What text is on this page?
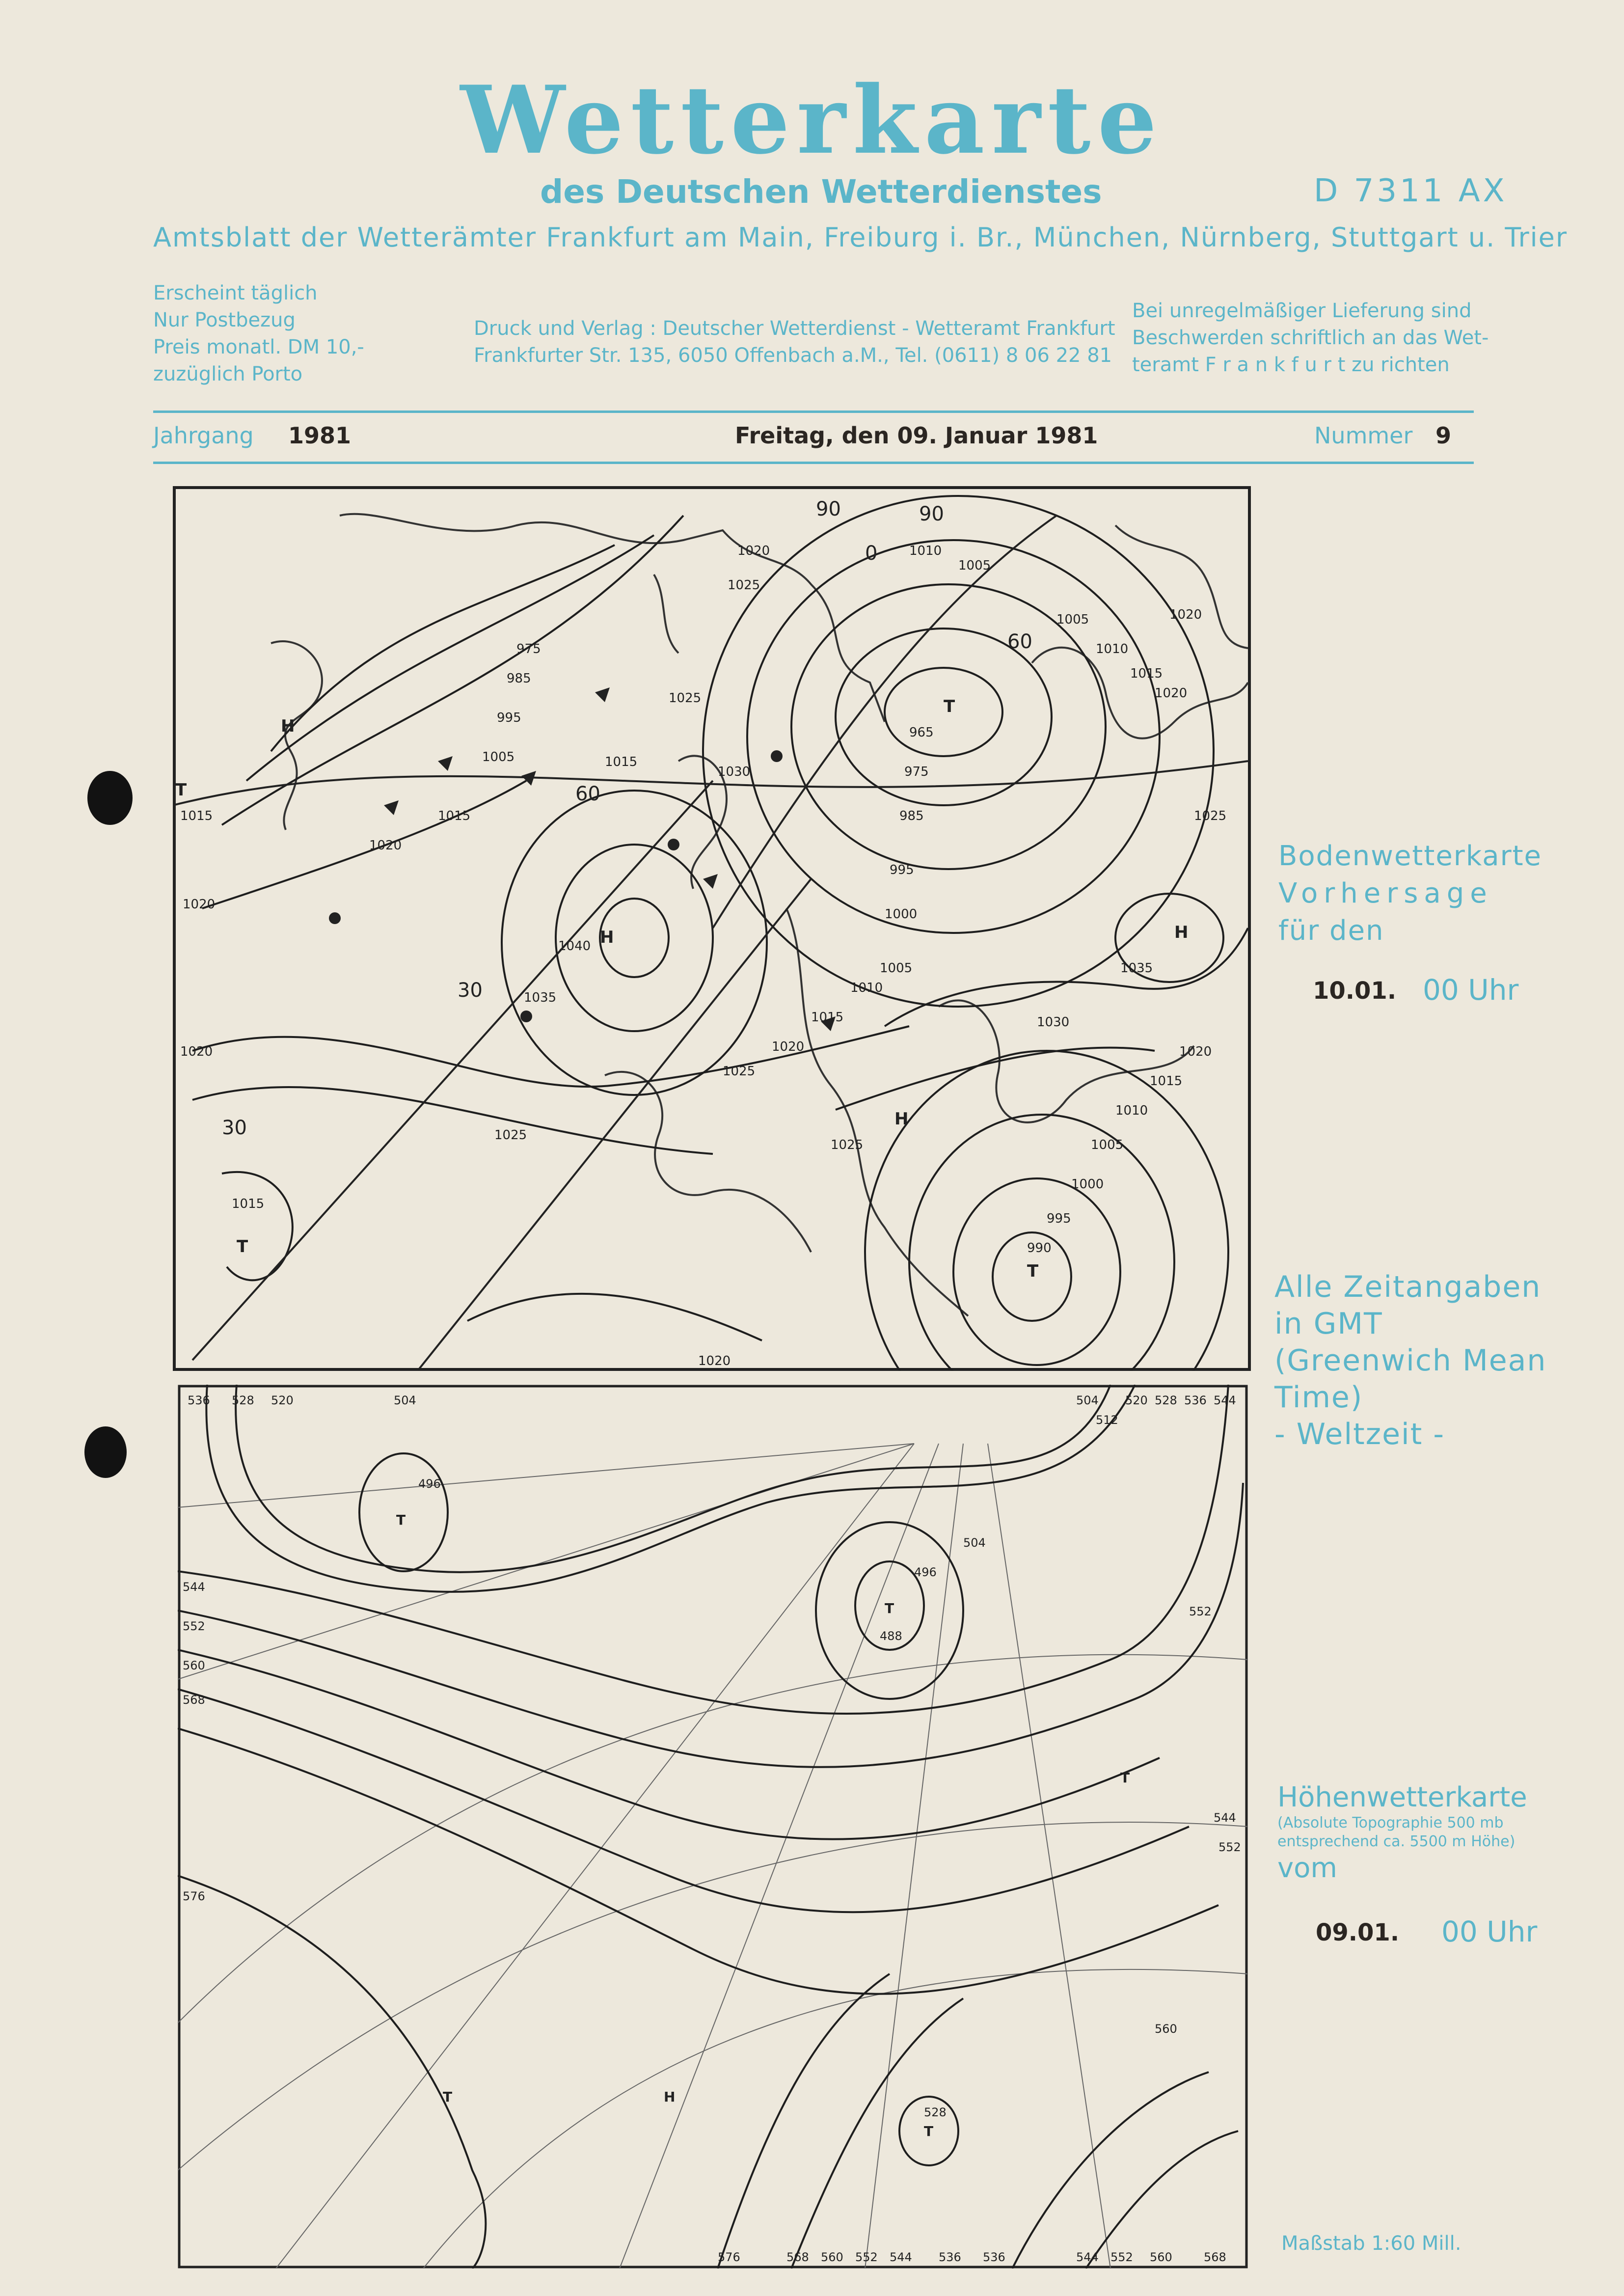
Wetterkarte
des Deutschen Wetterdienstes	D 7311 AX
Amtsblatt der Wetterämter Frankfurt am Main, Freiburg i. Br., München, Nürnberg, Stuttgart u. Trier
Erscheint täglich
Nur Postbezug
Preis monatl. DM 10,-
zuzüglich Porto
Druck und Verlag : Deutscher Wetterdienst - Wetteramt Frankfurt
Frankfurter Str. 135, 6050 Offenbach a.M., Tel. (0611) 8 06 22 81
Bei unregelmäßiger Lieferung sind
Beschwerden schriftlich an das Wet-
teramt F r a n k f u r t zu richten
Jahrgang 1981	Freitag, den 09. Januar 1981	Nummer 9
975
985
995
1005
1015
1020
1025
1030
1035
1040
965
975
985
995
1000
1005
1010
1015
1020
1025
1030
1035
990
995
1000
1005
1010
1015
1020
1025
1015
1020
1015
1020
1025
1020
1025
1020
1010
1005
1015
1020
1005
1010
1015
1020
1025
60
30
30
90
60
0
90
H
H
H
H
T
T
T
T
Bodenwetterkarte
Vorhersage
für den
10.01. 00 Uhr
Alle Zeitangaben
in GMT
(Greenwich Mean
Time)
- Weltzeit -
536 528 520	504	504
512
520 528 536 544
544
552
560
568
576
552
544
552
560
576	568 560 552 544 536 536	544 552 560	568
496
496
504
488
528
T
T
T
T
T	H
Höhenwetterkarte
(Absolute Topographie 500 mb
entsprechend ca. 5500 m Höhe)
vom
09.01. 00 Uhr
Maßstab 1:60 Mill.
